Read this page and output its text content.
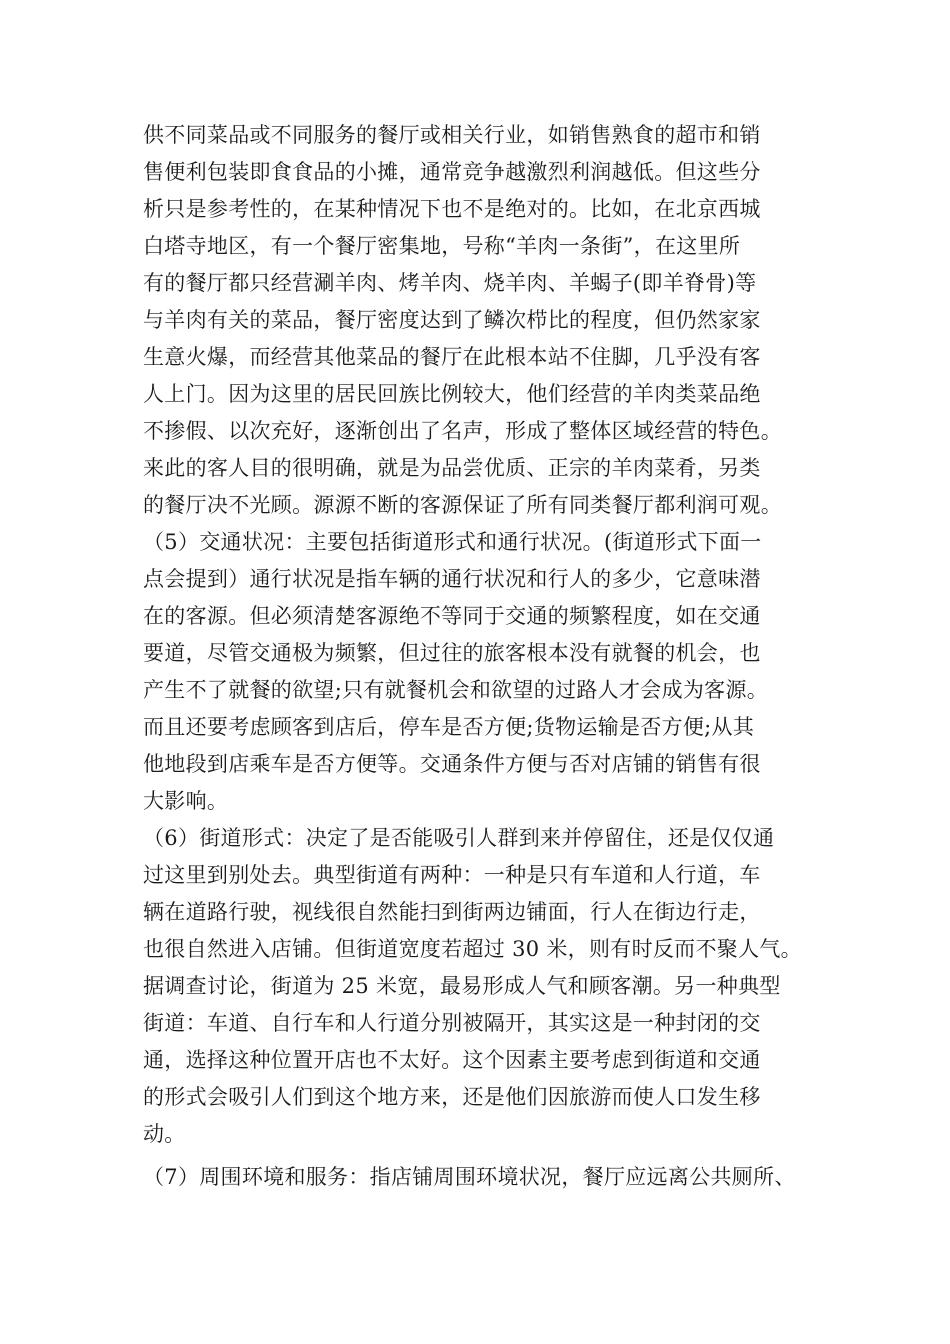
供不同菜品或不同服务的餐厅或相关行业，如销售熟食的超市和销
售便利包装即食食品的小摊，通常竞争越激烈利润越低。但这些分
析只是参考性的，在某种情况下也不是绝对的。比如，在北京西城
白塔寺地区，有一个餐厅密集地，号称“羊肉一条街”，在这里所
有的餐厅都只经营涮羊肉、烤羊肉、烧羊肉、羊蝎子(即羊脊骨)等
与羊肉有关的菜品，餐厅密度达到了鳞次栉比的程度，但仍然家家
生意火爆，而经营其他菜品的餐厅在此根本站不住脚，几乎没有客
人上门。因为这里的居民回族比例较大，他们经营的羊肉类菜品绝
不掺假、以次充好，逐渐创出了名声，形成了整体区域经营的特色。
来此的客人目的很明确，就是为品尝优质、正宗的羊肉菜肴，另类
的餐厅决不光顾。源源不断的客源保证了所有同类餐厅都利润可观。
（5）交通状况：主要包括街道形式和通行状况。(街道形式下面一
点会提到）通行状况是指车辆的通行状况和行人的多少，它意味潜
在的客源。但必须清楚客源绝不等同于交通的频繁程度，如在交通
要道，尽管交通极为频繁，但过往的旅客根本没有就餐的机会，也
产生不了就餐的欲望;只有就餐机会和欲望的过路人才会成为客源。
而且还要考虑顾客到店后，停车是否方便;货物运输是否方便;从其
他地段到店乘车是否方便等。交通条件方便与否对店铺的销售有很
大影响。
（6）街道形式：决定了是否能吸引人群到来并停留住，还是仅仅通
过这里到别处去。典型街道有两种：一种是只有车道和人行道，车
辆在道路行驶，视线很自然能扫到街两边铺面，行人在街边行走，
也很自然进入店铺。但街道宽度若超过 30 米，则有时反而不聚人气。
据调查讨论，街道为 25 米宽，最易形成人气和顾客潮。另一种典型
街道：车道、自行车和人行道分别被隔开，其实这是一种封闭的交
通，选择这种位置开店也不太好。这个因素主要考虑到街道和交通
的形式会吸引人们到这个地方来，还是他们因旅游而使人口发生移
动。
（7）周围环境和服务：指店铺周围环境状况，餐厅应远离公共厕所、
